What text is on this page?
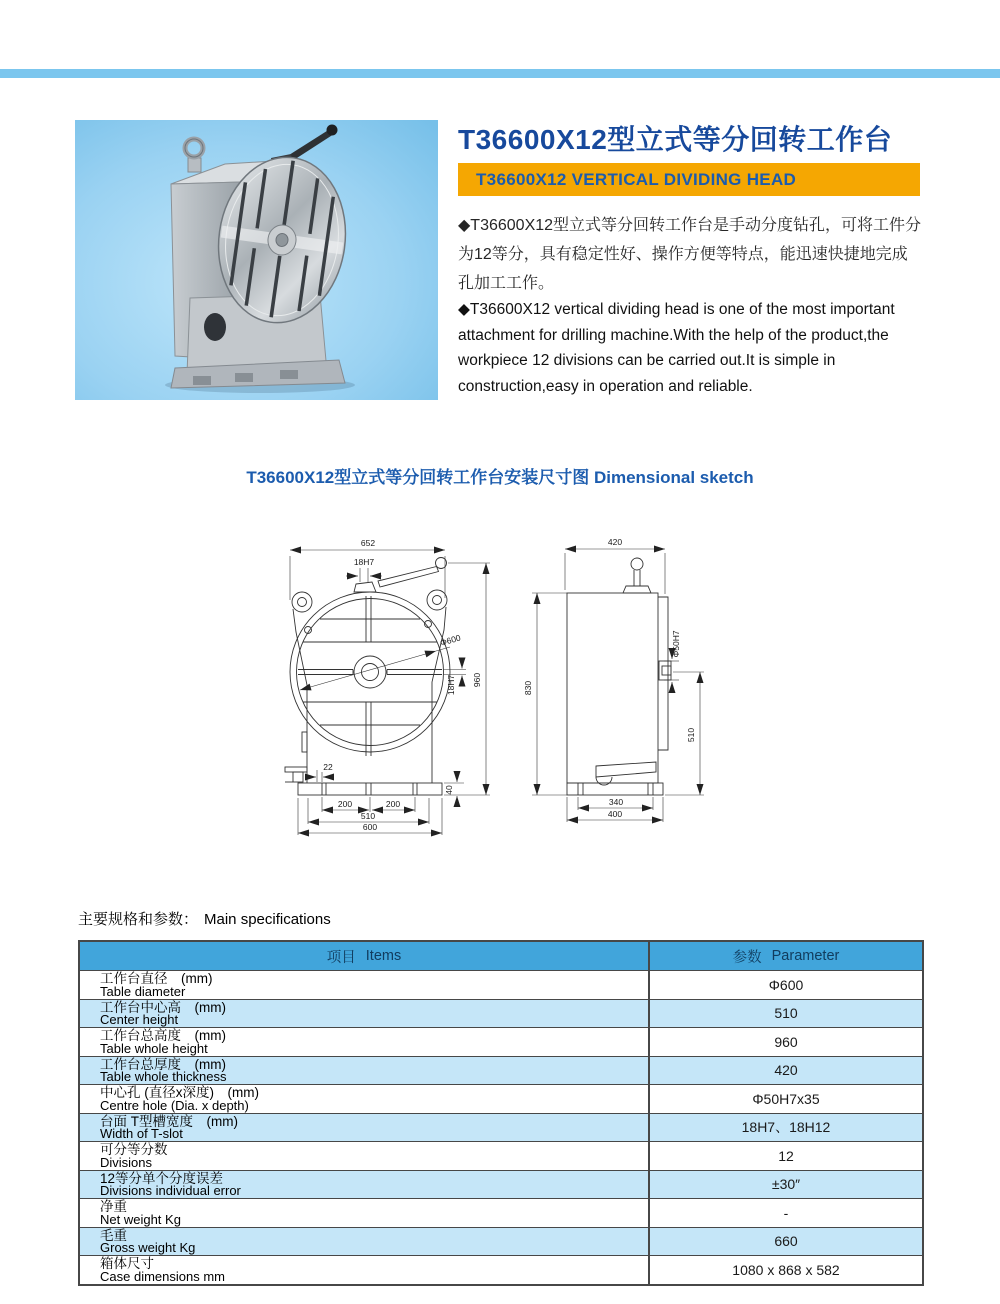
T36600X12型立式等分回转工作台
T36600X12 VERTICAL DIVIDING HEAD
◆T36600X12型立式等分回转工作台是手动分度钻孔，可将工件分为12等分，具有稳定性好、操作方便等特点，能迅速快捷地完成孔加工工作。
◆T36600X12 vertical dividing head is one of the most important attachment for drilling machine.With the help of the product,the workpiece 12 divisions can be carried out.It is simple in construction,easy in operation and reliable.
T36600X12型立式等分回转工作台安装尺寸图 Dimensional sketch
652
18H7
Φ600
18H7 960
22
40
200	200
510
600
420
830
Φ50H7
510
340
400
主要规格和参数： Main specifications
项目 Items	参数 Parameter
工作台直径　(mm)
Table diameter	Φ600
工作台中心高　(mm)
Center height	510
工作台总高度　(mm)
Table whole height	960
工作台总厚度　(mm)
Table whole thickness	420
中心孔 (直径x深度)　(mm)
Centre hole (Dia. x depth)	Φ50H7x35
台面 T型槽宽度　(mm)
Width of T-slot	18H7、18H12
可分等分数
Divisions	12
12等分单个分度误差
Divisions individual error	±30″
净重
Net weight Kg	-
毛重
Gross weight Kg	660
箱体尺寸
Case dimensions mm	1080 x 868 x 582
